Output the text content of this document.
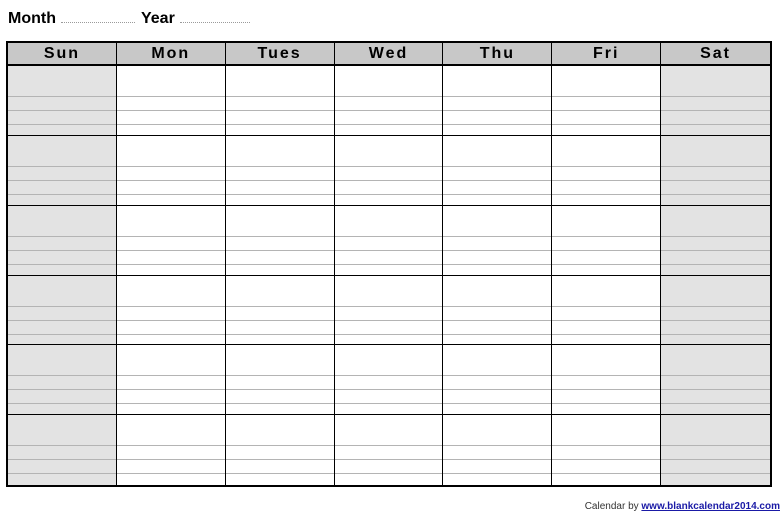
Month	Year
Sun	Mon	Tues	Wed	Thu	Fri	Sat
Calendar by www.blankcalendar2014.com
